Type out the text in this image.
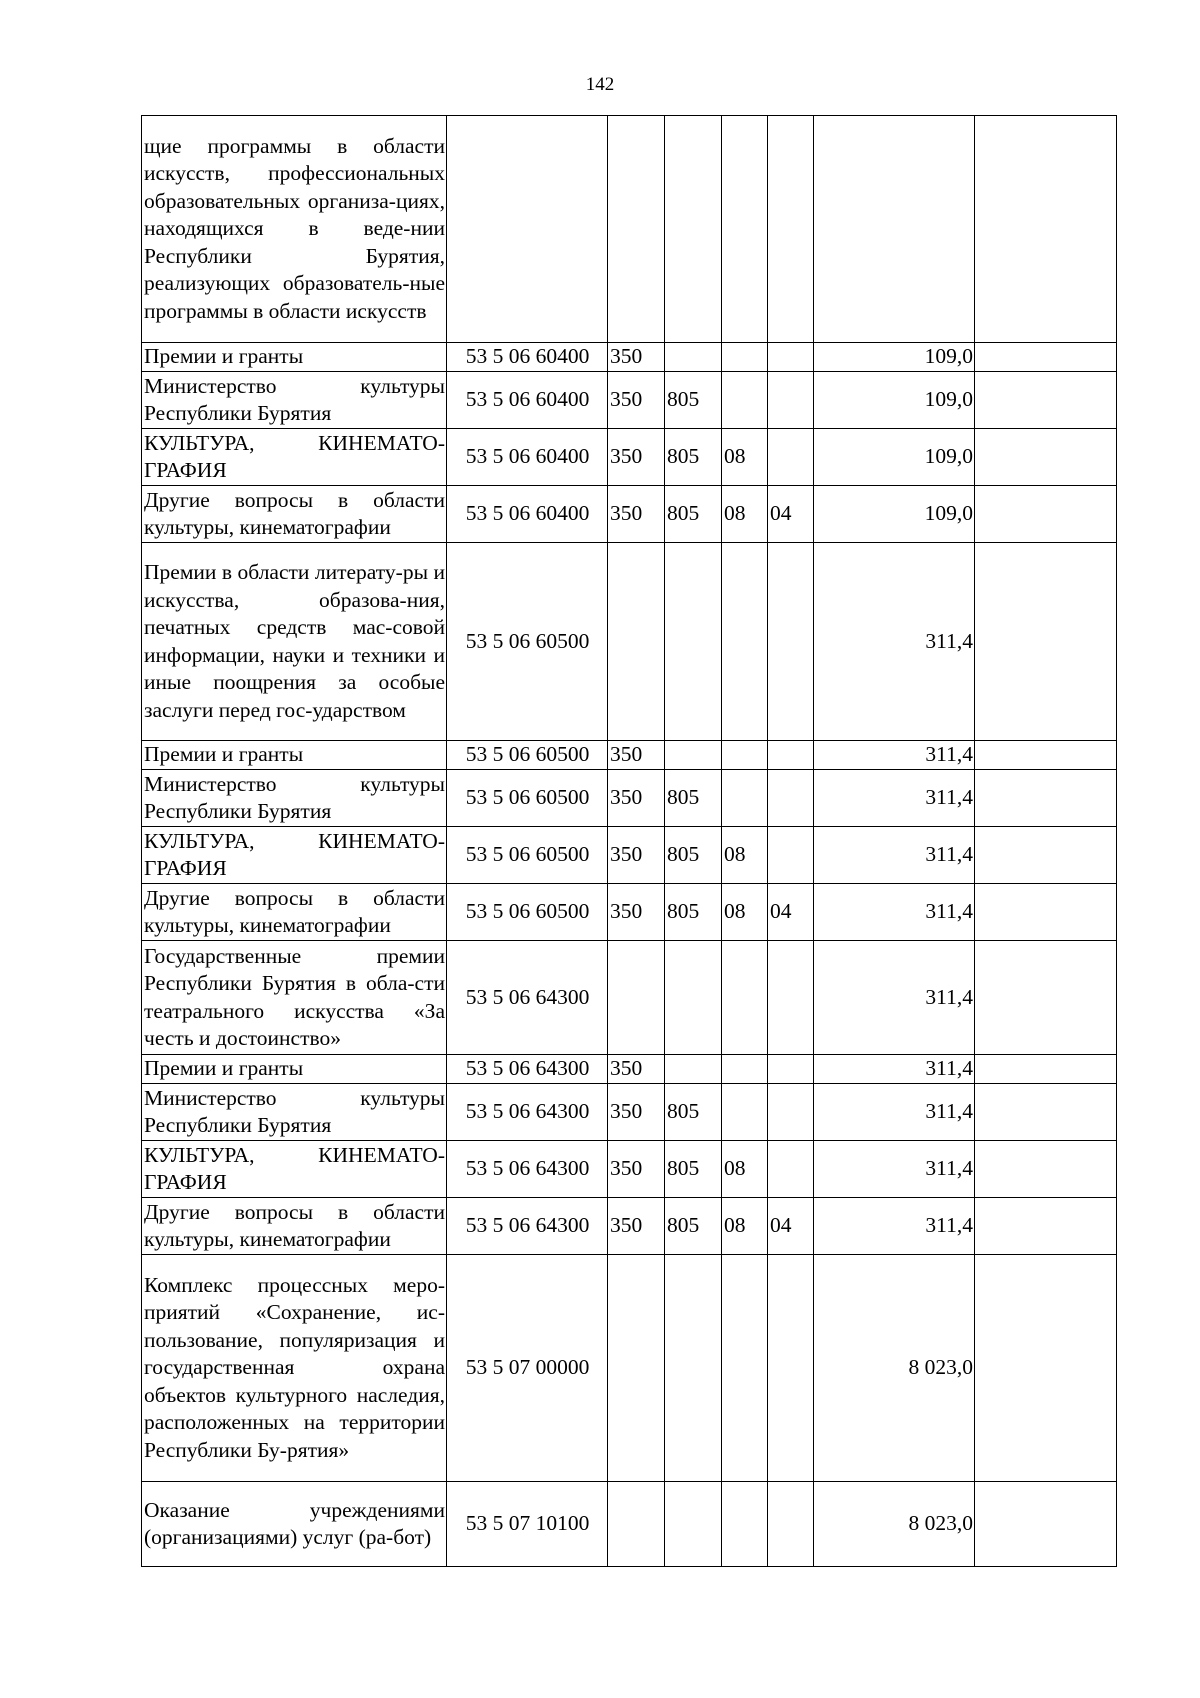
142
щие программы в области искусств, профессиональных образовательных организа-циях, находящихся в веде-нии Республики Бурятия, реализующих образователь-ные программы в области искусств							
Премии и гранты	53 5 06 60400	350				109,0	
Министерство культуры Республики Бурятия	53 5 06 60400	350	805			109,0	
КУЛЬТУРА, КИНЕМАТО-ГРАФИЯ	53 5 06 60400	350	805	08		109,0	
Другие вопросы в области культуры, кинематографии	53 5 06 60400	350	805	08	04	109,0	
Премии в области литерату-ры и искусства, образова-ния, печатных средств мас-совой информации, науки и техники и иные поощрения за особые заслуги перед гос-ударством	53 5 06 60500					311,4	
Премии и гранты	53 5 06 60500	350				311,4	
Министерство культуры Республики Бурятия	53 5 06 60500	350	805			311,4	
КУЛЬТУРА, КИНЕМАТО-ГРАФИЯ	53 5 06 60500	350	805	08		311,4	
Другие вопросы в области культуры, кинематографии	53 5 06 60500	350	805	08	04	311,4	
Государственные премии Республики Бурятия в обла-сти театрального искусства «За честь и достоинство»	53 5 06 64300					311,4	
Премии и гранты	53 5 06 64300	350				311,4	
Министерство культуры Республики Бурятия	53 5 06 64300	350	805			311,4	
КУЛЬТУРА, КИНЕМАТО-ГРАФИЯ	53 5 06 64300	350	805	08		311,4	
Другие вопросы в области культуры, кинематографии	53 5 06 64300	350	805	08	04	311,4	
Комплекс процессных меро-приятий «Сохранение, ис-пользование, популяризация и государственная охрана объектов культурного наследия, расположенных на территории Республики Бу-рятия»	53 5 07 00000					8 023,0	
Оказание учреждениями (организациями) услуг (ра-бот)	53 5 07 10100					8 023,0	
